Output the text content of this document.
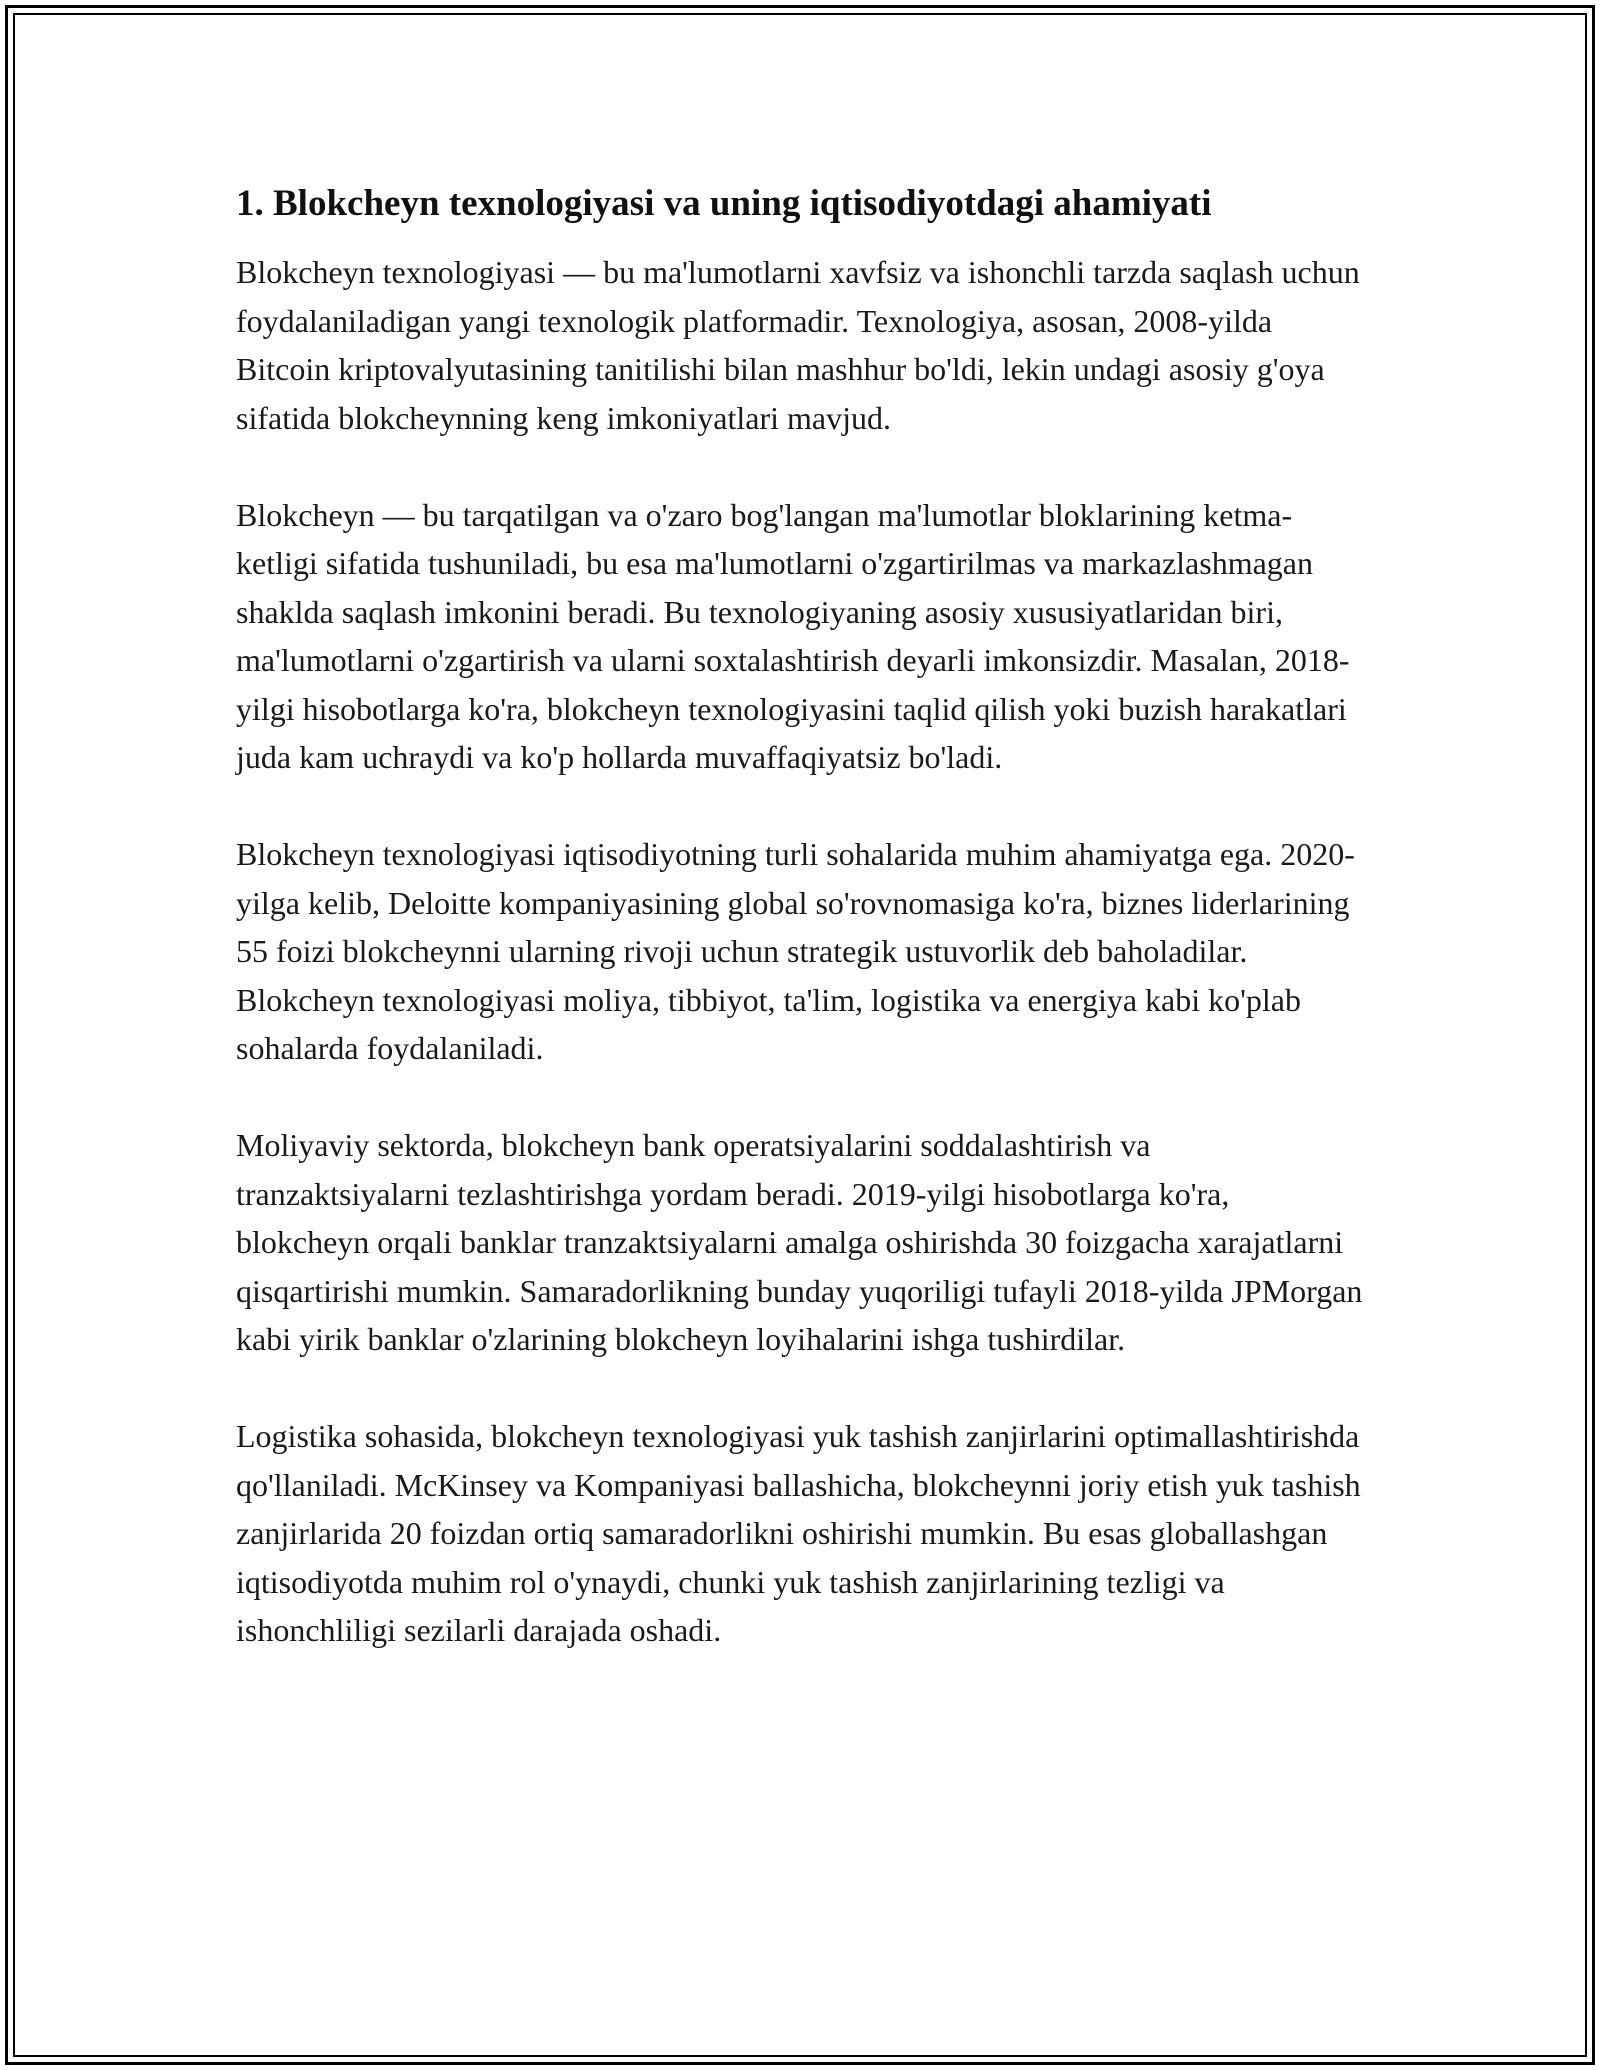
1. Blokcheyn texnologiyasi va uning iqtisodiyotdagi ahamiyati

Blokcheyn texnologiyasi — bu ma'lumotlarni xavfsiz va ishonchli tarzda saqlash uchun foydalaniladigan yangi texnologik platformadir. Texnologiya, asosan, 2008-yilda Bitcoin kriptovalyutasining tanitilishi bilan mashhur bo'ldi, lekin undagi asosiy g'oya sifatida blokcheynning keng imkoniyatlari mavjud.

Blokcheyn — bu tarqatilgan va o'zaro bog'langan ma'lumotlar bloklarining ketma-ketligi sifatida tushuniladi, bu esa ma'lumotlarni o'zgartirilmas va markazlashmagan shaklda saqlash imkonini beradi. Bu texnologiyaning asosiy xususiyatlaridan biri, ma'lumotlarni o'zgartirish va ularni soxtalashtirish deyarli imkonsizdir. Masalan, 2018-yilgi hisobotlarga ko'ra, blokcheyn texnologiyasini taqlid qilish yoki buzish harakatlari juda kam uchraydi va ko'p hollarda muvaffaqiyatsiz bo'ladi.

Blokcheyn texnologiyasi iqtisodiyotning turli sohalarida muhim ahamiyatga ega. 2020-yilga kelib, Deloitte kompaniyasining global so'rovnomasiga ko'ra, biznes liderlarining 55 foizi blokcheynni ularning rivoji uchun strategik ustuvorlik deb baholadilar. Blokcheyn texnologiyasi moliya, tibbiyot, ta'lim, logistika va energiya kabi ko'plab sohalarda foydalaniladi.

Moliyaviy sektorda, blokcheyn bank operatsiyalarini soddalashtirish va tranzaktsiyalarni tezlashtirishga yordam beradi. 2019-yilgi hisobotlarga ko'ra, blokcheyn orqali banklar tranzaktsiyalarni amalga oshirishda 30 foizgacha xarajatlarni qisqartirishi mumkin. Samaradorlikning bunday yuqoriligi tufayli 2018-yilda JPMorgan kabi yirik banklar o'zlarining blokcheyn loyihalarini ishga tushirdilar.

Logistika sohasida, blokcheyn texnologiyasi yuk tashish zanjirlarini optimallashtirishda qo'llaniladi. McKinsey va Kompaniyasi ballashicha, blokcheynni joriy etish yuk tashish zanjirlarida 20 foizdan ortiq samaradorlikni oshirishi mumkin. Bu esas globallashgan iqtisodiyotda muhim rol o'ynaydi, chunki yuk tashish zanjirlarining tezligi va ishonchliligi sezilarli darajada oshadi.
